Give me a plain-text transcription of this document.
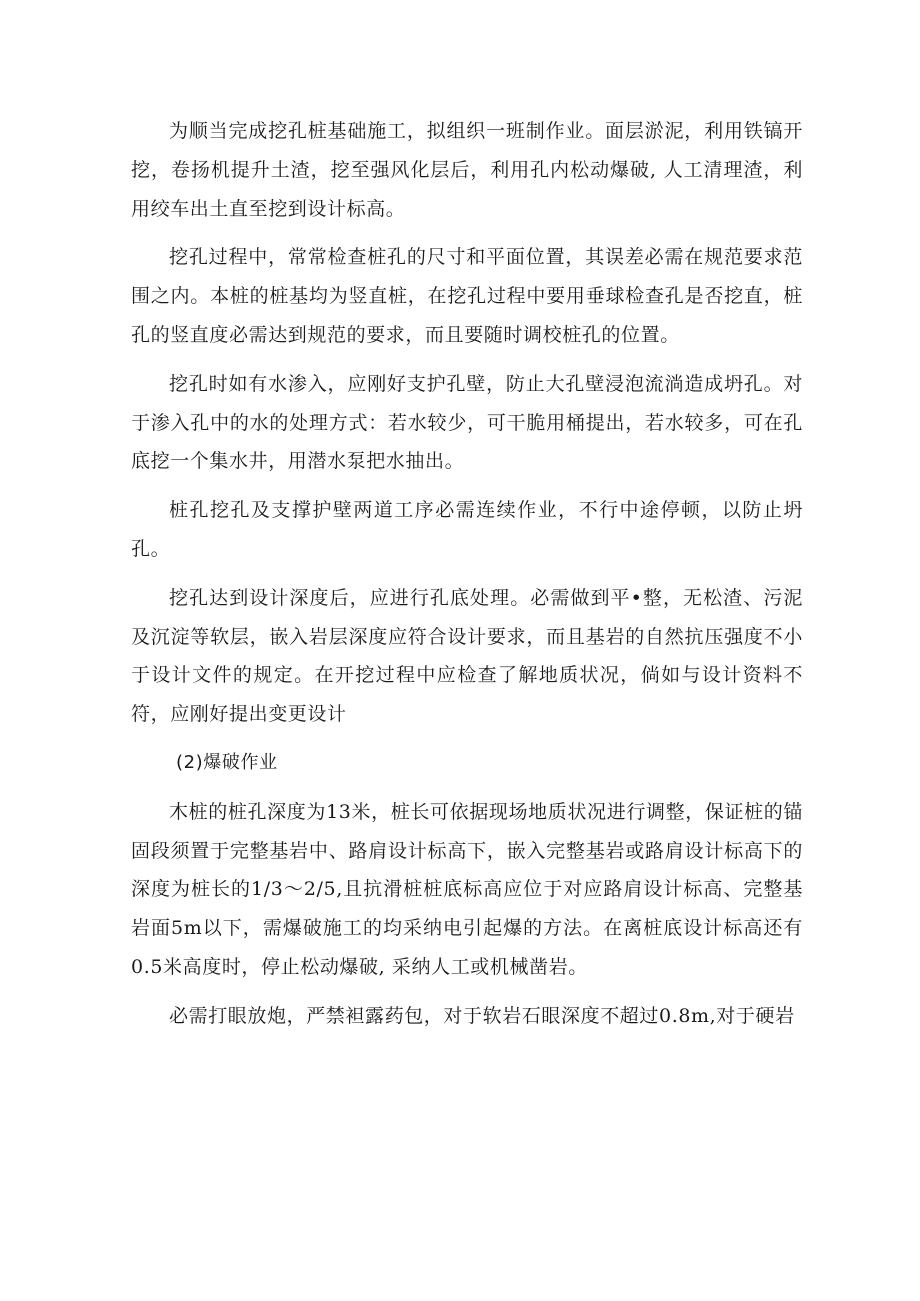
为顺当完成挖孔桩基础施工，拟组织一班制作业。面层淤泥，利用铁镐开挖，卷扬机提升土渣，挖至强风化层后，利用孔内松动爆破, 人工清理渣，利用绞车出土直至挖到设计标高。

挖孔过程中，常常检查桩孔的尺寸和平面位置，其误差必需在规范要求范围之内。本桩的桩基均为竖直桩，在挖孔过程中要用垂球检查孔是否挖直，桩孔的竖直度必需达到规范的要求，而且要随时调校桩孔的位置。

挖孔时如有水渗入，应刚好支护孔壁，防止大孔壁浸泡流淌造成坍孔。对于渗入孔中的水的处理方式：若水较少，可干脆用桶提出，若水较多，可在孔底挖一个集水井，用潜水泵把水抽出。

桩孔挖孔及支撑护壁两道工序必需连续作业，不行中途停顿，以防止坍孔。

挖孔达到设计深度后，应进行孔底处理。必需做到平•整，无松渣、污泥及沉淀等软层，嵌入岩层深度应符合设计要求，而且基岩的自然抗压强度不小于设计文件的规定。在开挖过程中应检查了解地质状况，倘如与设计资料不符，应刚好提出变更设计

(2)爆破作业

木桩的桩孔深度为13米，桩长可依据现场地质状况进行调整，保证桩的锚固段须置于完整基岩中、路肩设计标高下，嵌入完整基岩或路肩设计标高下的深度为桩长的1/3〜2/5,且抗滑桩桩底标高应位于对应路肩设计标高、完整基岩面5m以下，需爆破施工的均采纳电引起爆的方法。在离桩底设计标高还有0.5米高度时，停止松动爆破, 采纳人工或机械凿岩。

必需打眼放炮，严禁袒露药包，对于软岩石眼深度不超过0.8m,对于硬岩
